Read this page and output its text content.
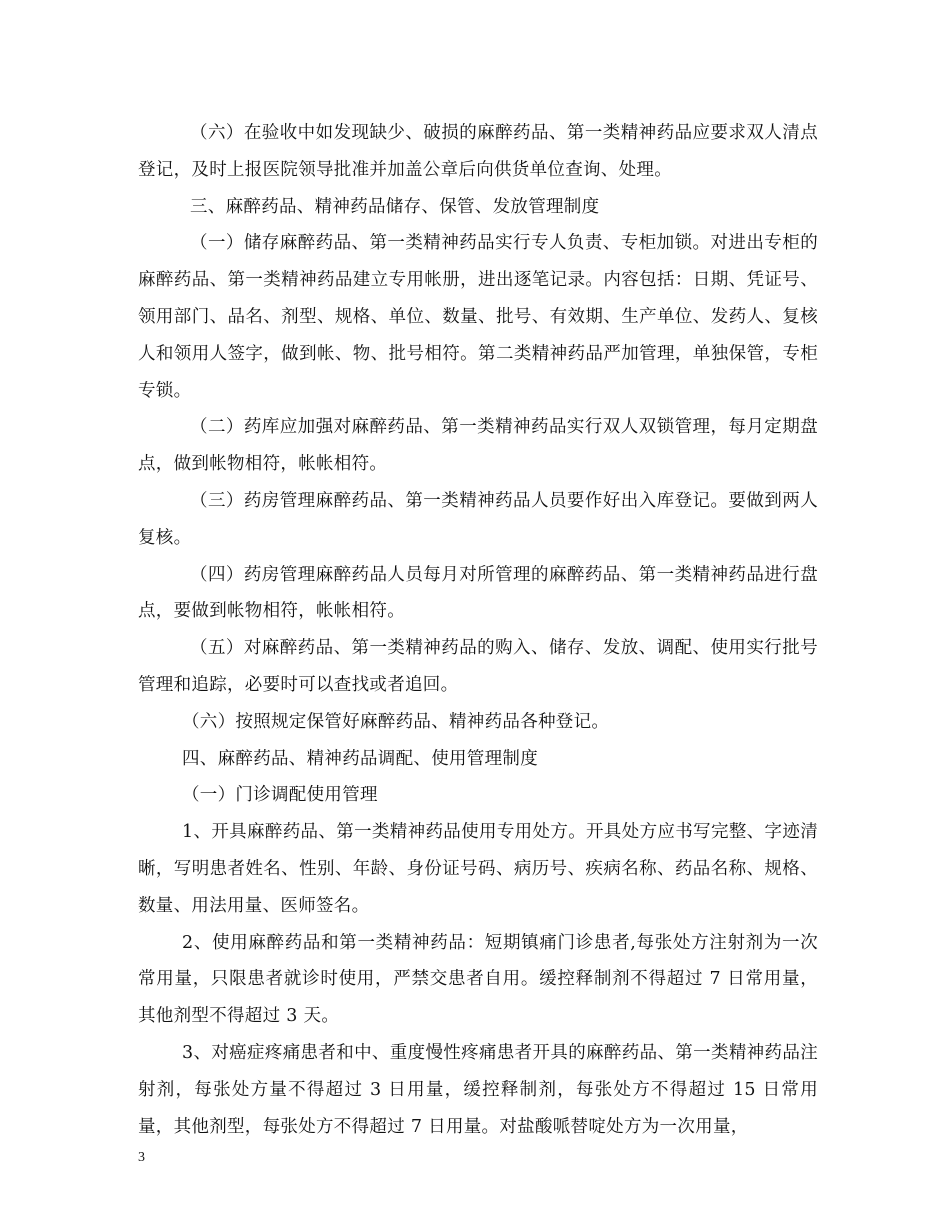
（六）在验收中如发现缺少、破损的麻醉药品、第一类精神药品应要求双人清点登记，及时上报医院领导批准并加盖公章后向供货单位查询、处理。

三、麻醉药品、精神药品储存、保管、发放管理制度

（一）储存麻醉药品、第一类精神药品实行专人负责、专柜加锁。对进出专柜的麻醉药品、第一类精神药品建立专用帐册，进出逐笔记录。内容包括：日期、凭证号、领用部门、品名、剂型、规格、单位、数量、批号、有效期、生产单位、发药人、复核人和领用人签字，做到帐、物、批号相符。第二类精神药品严加管理，单独保管，专柜专锁。

（二）药库应加强对麻醉药品、第一类精神药品实行双人双锁管理，每月定期盘点，做到帐物相符，帐帐相符。

（三）药房管理麻醉药品、第一类精神药品人员要作好出入库登记。要做到两人复核。

（四）药房管理麻醉药品人员每月对所管理的麻醉药品、第一类精神药品进行盘点，要做到帐物相符，帐帐相符。

（五）对麻醉药品、第一类精神药品的购入、储存、发放、调配、使用实行批号管理和追踪，必要时可以查找或者追回。

（六）按照规定保管好麻醉药品、精神药品各种登记。

四、麻醉药品、精神药品调配、使用管理制度

（一）门诊调配使用管理

1、开具麻醉药品、第一类精神药品使用专用处方。开具处方应书写完整、字迹清晰，写明患者姓名、性别、年龄、身份证号码、病历号、疾病名称、药品名称、规格、数量、用法用量、医师签名。

2、使用麻醉药品和第一类精神药品：短期镇痛门诊患者,每张处方注射剂为一次常用量，只限患者就诊时使用，严禁交患者自用。缓控释制剂不得超过 7 日常用量，其他剂型不得超过 3 天。

3、对癌症疼痛患者和中、重度慢性疼痛患者开具的麻醉药品、第一类精神药品注射剂，每张处方量不得超过 3 日用量，缓控释制剂，每张处方不得超过 15 日常用量，其他剂型，每张处方不得超过 7 日用量。对盐酸哌替啶处方为一次用量，

3
